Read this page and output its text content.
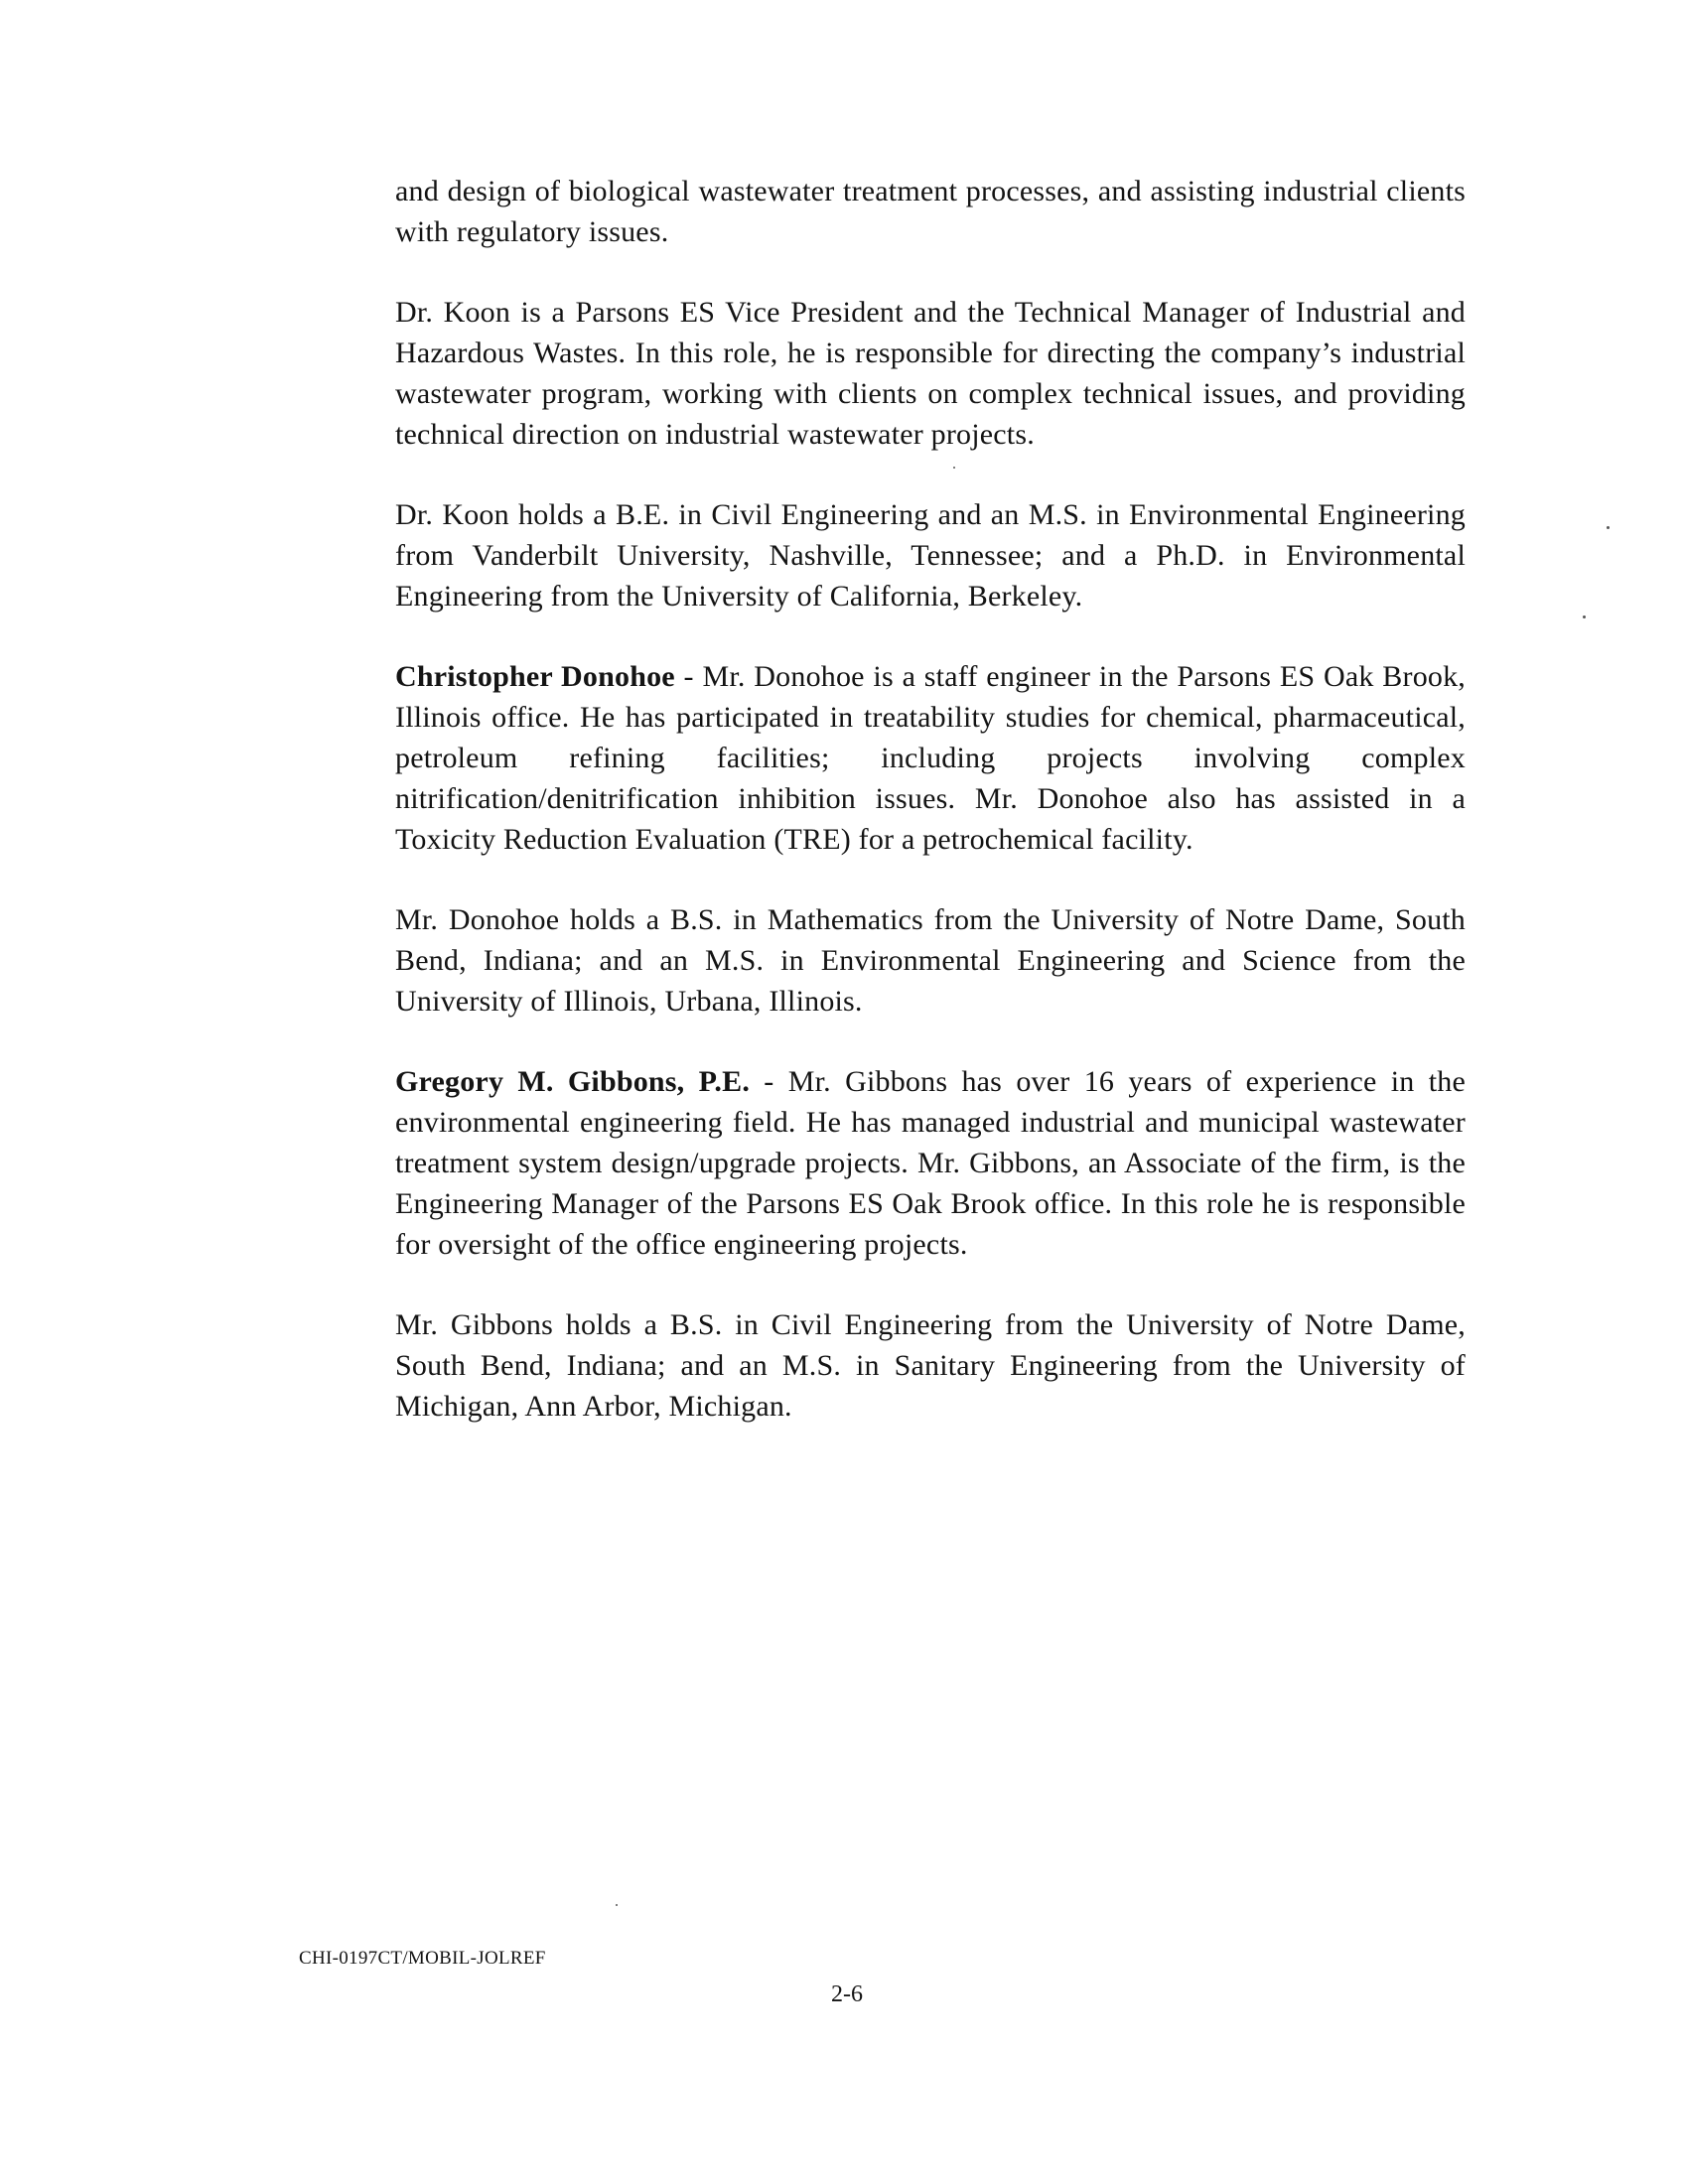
and design of biological wastewater treatment processes, and assisting industrial clients with regulatory issues.

Dr. Koon is a Parsons ES Vice President and the Technical Manager of Industrial and Hazardous Wastes. In this role, he is responsible for directing the company’s industrial wastewater program, working with clients on complex technical issues, and providing technical direction on industrial wastewater projects.

Dr. Koon holds a B.E. in Civil Engineering and an M.S. in Environmental Engineering from Vanderbilt University, Nashville, Tennessee; and a Ph.D. in Environmental Engineering from the University of California, Berkeley.

Christopher Donohoe - Mr. Donohoe is a staff engineer in the Parsons ES Oak Brook, Illinois office. He has participated in treatability studies for chemical, pharmaceutical, petroleum refining facilities; including projects involving complex nitrification/denitrification inhibition issues. Mr. Donohoe also has assisted in a Toxicity Reduction Evaluation (TRE) for a petrochemical facility.

Mr. Donohoe holds a B.S. in Mathematics from the University of Notre Dame, South Bend, Indiana; and an M.S. in Environmental Engineering and Science from the University of Illinois, Urbana, Illinois.

Gregory M. Gibbons, P.E. - Mr. Gibbons has over 16 years of experience in the environmental engineering field. He has managed industrial and municipal wastewater treatment system design/upgrade projects. Mr. Gibbons, an Associate of the firm, is the Engineering Manager of the Parsons ES Oak Brook office. In this role he is responsible for oversight of the office engineering projects.

Mr. Gibbons holds a B.S. in Civil Engineering from the University of Notre Dame, South Bend, Indiana; and an M.S. in Sanitary Engineering from the University of Michigan, Ann Arbor, Michigan.

CHI-0197CT/MOBIL-JOLREF
2-6
